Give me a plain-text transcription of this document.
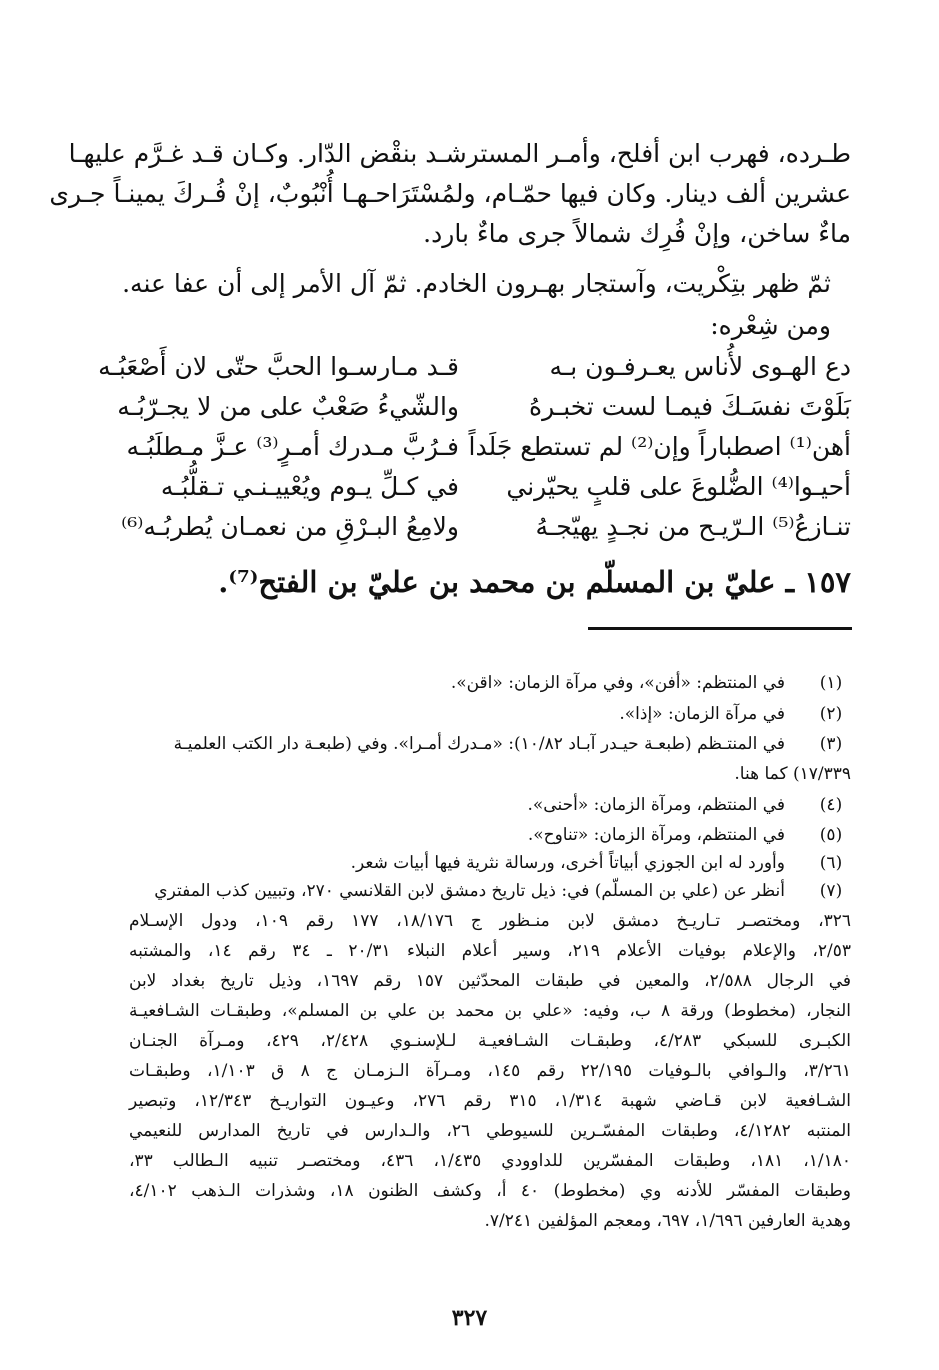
طـرده، فهرب ابن أفلح، وأمـر المسترشـد بنقْض الدّار. وكـان قـد غـرَّم عليهـا
عشرين ألف دينار. وكان فيها حمّـام، ولمُسْتَرَاحـهـا أُنْبُوبٌ، إنْ فُـركَ يمينـاً جـرى
ماءٌ ساخن، وإنْ فُرِك شمالاً جرى ماءٌ بارد.
ثمّ ظهر بتِكْريت، وآستجار بهـرون الخادم. ثمّ آل الأمر إلى أن عفا عنه.
ومن شِعْره:
دع الهـوى لأُناس يعـرفـون بـه
قـد مـارسـوا الحبَّ حتّى لان أَصْعَبُـه
بَلَوْتَ نفسَـكَ فيمـا لست تخبـرهُ
والشّيءُ صَعْبٌ على من لا يجـرّبُـه
أهن⁽¹⁾ اصطباراً وإن⁽²⁾ لم تستطع جَلَداً
فـرُبَّ مـدرك أمـرٍ⁽³⁾ عـزَّ مـطلَبُـه
أحيـوا⁽⁴⁾ الضُّلوعَ على قلبٍ يحيّرني
في كـلِّ يـوم ويُعْييـنـي تـقلُّبُـه
تنـازعُ⁽⁵⁾ الـرّيـح من نجـدٍ يهيّجـهُ
ولامِعُ البـرْقِ من نعمـان يُطربُـه⁽⁶⁾
١٥٧ ـ عليّ بن المسلّم بن محمد بن عليّ بن الفتح⁽⁷⁾.
(١)
في المنتظم: «أفن»، وفي مرآة الزمان: «اقن».
(٢)
في مرآة الزمان: «إذا».
(٣)
في المنتـظم (طبعـة حيـدر آبـاد ١٠/٨٢): «مـدرك أمـرا». وفي (طبعـة دار الكتب العلميـة
١٧/٣٣٩) كما هنا.
(٤)
في المنتظم، ومرآة الزمان: «أحنى».
(٥)
في المنتظم، ومرآة الزمان: «تناوح».
(٦)
وأورد له ابن الجوزي أبياتاً أخرى، ورسالة نثرية فيها أبيات شعر.
(٧)
أنظر عن (علي بن المسلّم) في: ذيل تاريخ دمشق لابن القلانسي ٢٧٠، وتبيين كذب المفتري
٣٢٦، ومختصـر تـاريـخ دمشق لابن منـظور ج ١٨/١٧٦، ١٧٧ رقم ١٠٩، ودول الإسـلام
٢/٥٣، والإعلام بوفيات الأعلام ٢١٩، وسير أعلام النبلاء ٢٠/٣١ ـ ٣٤ رقم ١٤، والمشتبه
في الرجال ٢/٥٨٨، والمعين في طبقات المحدّثين ١٥٧ رقم ١٦٩٧، وذيل تاريخ بغداد لابن
النجار، (مخطوط) ورقة ٨ ب، وفيه: «علي بن محمد بن علي بن المسلم»، وطبقـات الشـافعيـة
الكبـرى للسبكي ٤/٢٨٣، وطبقـات الشـافعيـة لـلإسنـوي ٢/٤٢٨، ٤٢٩، ومـرآة الجنـان
٣/٢٦١، والـوافي بالـوفيات ٢٢/١٩٥ رقم ١٤٥، ومـرآة الـزمـان ج ٨ ق ١/١٠٣، وطبقـات
الشـافعية لابن قـاضي شهبة ١/٣١٤، ٣١٥ رقم ٢٧٦، وعيـون التواريـخ ١٢/٣٤٣، وتبصير
المنتبه ٤/١٢٨٢، وطبقات المفسّـرين للسيوطي ٢٦، والـدارس في تاريخ المدارس للنعيمي
١/١٨٠، ١٨١، وطبقات المفسّرين للداوودي ١/٤٣٥، ٤٣٦، ومختصـر تنبيه الـطالب ٣٣،
وطبقات المفسّر للأدنه وي (مخطوط) ٤٠ أ، وكشف الظنون ١٨، وشذرات الـذهب ٤/١٠٢،
وهدية العارفين ١/٦٩٦، ٦٩٧، ومعجم المؤلفين ٧/٢٤١.
٣٢٧
